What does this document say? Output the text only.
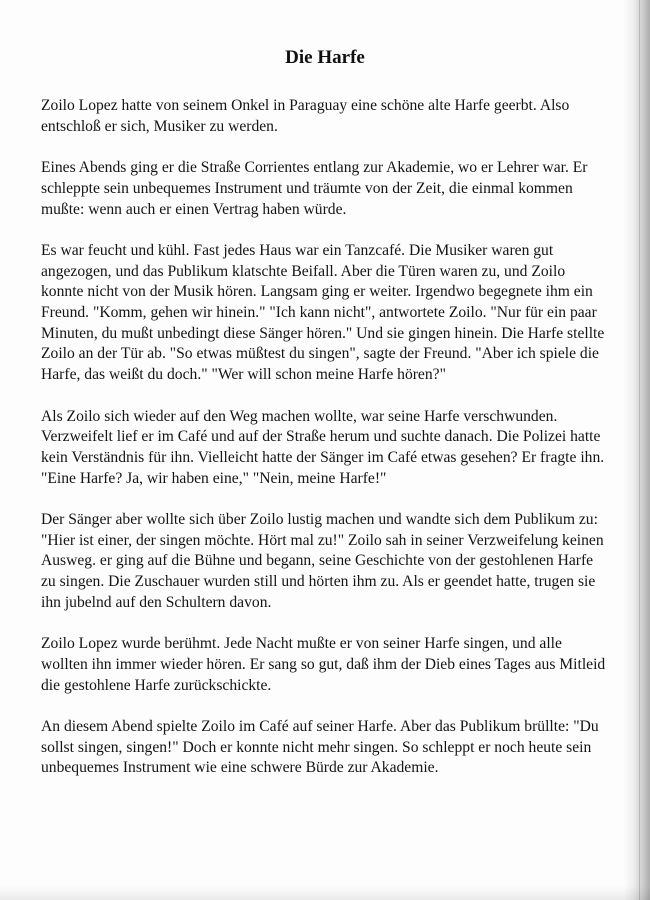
Die Harfe

Zoilo Lopez hatte von seinem Onkel in Paraguay eine schöne alte Harfe geerbt. Also entschloß er sich, Musiker zu werden.

Eines Abends ging er die Straße Corrientes entlang zur Akademie, wo er Lehrer war. Er schleppte sein unbequemes Instrument und träumte von der Zeit, die einmal kommen mußte: wenn auch er einen Vertrag haben würde.

Es war feucht und kühl. Fast jedes Haus war ein Tanzcafé. Die Musiker waren gut angezogen, und das Publikum klatschte Beifall. Aber die Türen waren zu, und Zoilo konnte nicht von der Musik hören. Langsam ging er weiter. Irgendwo begegnete ihm ein Freund. "Komm, gehen wir hinein." "Ich kann nicht", antwortete Zoilo. "Nur für ein paar Minuten, du mußt unbedingt diese Sänger hören." Und sie gingen hinein. Die Harfe stellte Zoilo an der Tür ab. "So etwas müßtest du singen", sagte der Freund. "Aber ich spiele die Harfe, das weißt du doch." "Wer will schon meine Harfe hören?"

Als Zoilo sich wieder auf den Weg machen wollte, war seine Harfe verschwunden. Verzweifelt lief er im Café und auf der Straße herum und suchte danach. Die Polizei hatte kein Verständnis für ihn. Vielleicht hatte der Sänger im Café etwas gesehen? Er fragte ihn. "Eine Harfe? Ja, wir haben eine," "Nein, meine Harfe!"

Der Sänger aber wollte sich über Zoilo lustig machen und wandte sich dem Publikum zu: "Hier ist einer, der singen möchte. Hört mal zu!" Zoilo sah in seiner Verzweifelung keinen Ausweg. er ging auf die Bühne und begann, seine Geschichte von der gestohlenen Harfe zu singen. Die Zuschauer wurden still und hörten ihm zu. Als er geendet hatte, trugen sie ihn jubelnd auf den Schultern davon.

Zoilo Lopez wurde berühmt. Jede Nacht mußte er von seiner Harfe singen, und alle wollten ihn immer wieder hören. Er sang so gut, daß ihm der Dieb eines Tages aus Mitleid die gestohlene Harfe zurückschickte.

An diesem Abend spielte Zoilo im Café auf seiner Harfe. Aber das Publikum brüllte: "Du sollst singen, singen!" Doch er konnte nicht mehr singen. So schleppt er noch heute sein unbequemes Instrument wie eine schwere Bürde zur Akademie.
